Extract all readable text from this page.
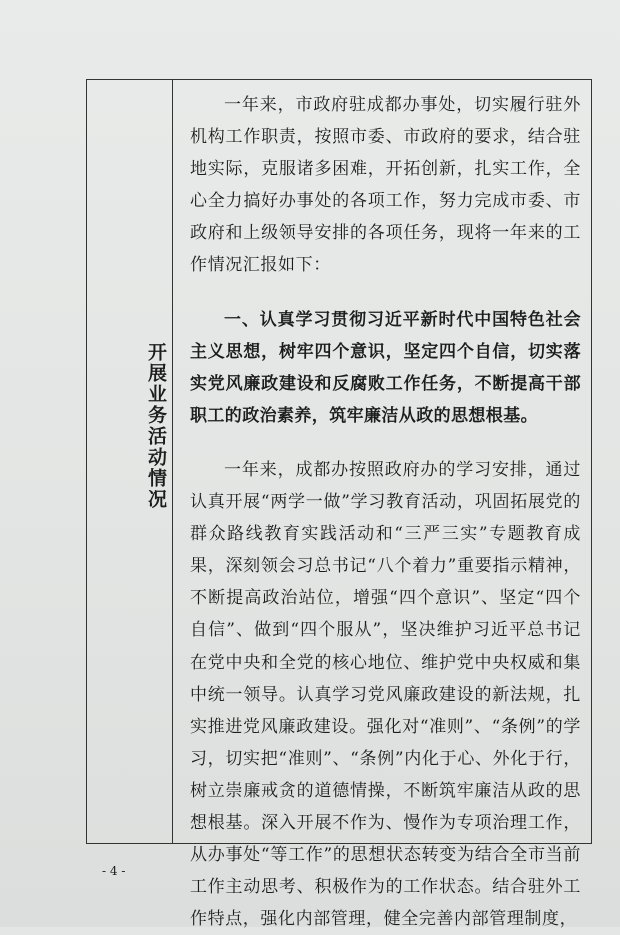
开展业务活动情况

一年来，市政府驻成都办事处，切实履行驻外机构工作职责，按照市委、市政府的要求，结合驻地实际，克服诸多困难，开拓创新，扎实工作，全心全力搞好办事处的各项工作，努力完成市委、市政府和上级领导安排的各项任务，现将一年来的工作情况汇报如下：

一、认真学习贯彻习近平新时代中国特色社会主义思想，树牢四个意识，坚定四个自信，切实落实党风廉政建设和反腐败工作任务，不断提高干部职工的政治素养，筑牢廉洁从政的思想根基。

一年来，成都办按照政府办的学习安排，通过认真开展“两学一做”学习教育活动，巩固拓展党的群众路线教育实践活动和“三严三实”专题教育成果，深刻领会习总书记“八个着力”重要指示精神，不断提高政治站位，增强“四个意识”、坚定“四个自信”、做到“四个服从”，坚决维护习近平总书记在党中央和全党的核心地位、维护党中央权威和集中统一领导。认真学习党风廉政建设的新法规，扎实推进党风廉政建设。强化对“准则”、“条例”的学习，切实把“准则”、“条例”内化于心、外化于行，树立崇廉戒贪的道德情操，不断筑牢廉洁从政的思想根基。深入开展不作为、慢作为专项治理工作，从办事处“等工作”的思想状态转变为结合全市当前工作主动思考、积极作为的工作状态。结合驻外工作特点，强化内部管理，健全完善内部管理制度，

- 4 -
